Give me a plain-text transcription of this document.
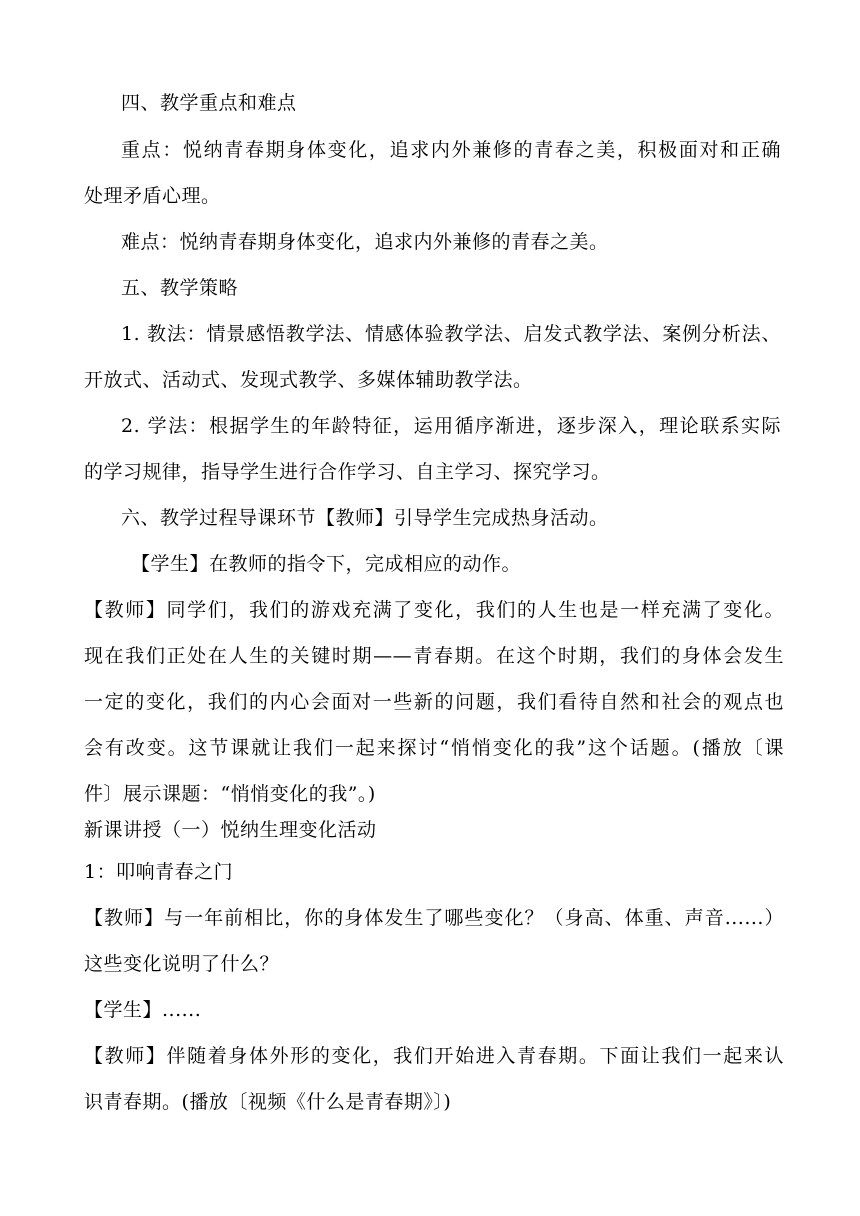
四、教学重点和难点
重点：悦纳青春期身体变化，追求内外兼修的青春之美，积极面对和正确
处理矛盾心理。
难点：悦纳青春期身体变化，追求内外兼修的青春之美。
五、教学策略
1. 教法：情景感悟教学法、情感体验教学法、启发式教学法、案例分析法、
开放式、活动式、发现式教学、多媒体辅助教学法。
2. 学法：根据学生的年龄特征，运用循序渐进，逐步深入，理论联系实际
的学习规律，指导学生进行合作学习、自主学习、探究学习。
六、教学过程导课环节【教师】引导学生完成热身活动。
【学生】在教师的指令下，完成相应的动作。
【教师】同学们，我们的游戏充满了变化，我们的人生也是一样充满了变化。
现在我们正处在人生的关键时期——青春期。在这个时期，我们的身体会发生
一定的变化，我们的内心会面对一些新的问题，我们看待自然和社会的观点也
会有改变。这节课就让我们一起来探讨“悄悄变化的我”这个话题。(播放〔课
件〕展示课题：“悄悄变化的我”。)
新课讲授（一）悦纳生理变化活动
1：叩响青春之门
【教师】与一年前相比，你的身体发生了哪些变化？（身高、体重、声音......）
这些变化说明了什么？
【学生】......
【教师】伴随着身体外形的变化，我们开始进入青春期。下面让我们一起来认
识青春期。(播放〔视频《什么是青春期》〕)
